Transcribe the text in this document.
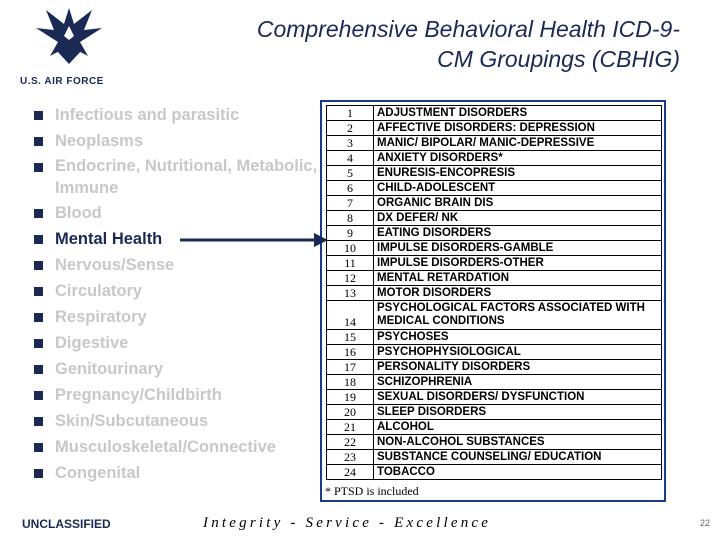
U.S. AIR FORCE
Comprehensive Behavioral Health ICD-9-
CM Groupings (CBHIG)
Infectious and parasitic
Neoplasms
Endocrine, Nutritional, Metabolic,
Immune
Blood
Mental Health
Nervous/Sense
Circulatory
Respiratory
Digestive
Genitourinary
Pregnancy/Childbirth
Skin/Subcutaneous
Musculoskeletal/Connective
Congenital
1	ADJUSTMENT DISORDERS
2	AFFECTIVE DISORDERS: DEPRESSION
3	MANIC/ BIPOLAR/ MANIC-DEPRESSIVE
4	ANXIETY DISORDERS*
5	ENURESIS-ENCOPRESIS
6	CHILD-ADOLESCENT
7	ORGANIC BRAIN DIS
8	DX DEFER/ NK
9	EATING DISORDERS
10	IMPULSE DISORDERS-GAMBLE
11	IMPULSE DISORDERS-OTHER
12	MENTAL RETARDATION
13	MOTOR DISORDERS
14	PSYCHOLOGICAL FACTORS ASSOCIATED WITH MEDICAL CONDITIONS
15	PSYCHOSES
16	PSYCHOPHYSIOLOGICAL
17	PERSONALITY DISORDERS
18	SCHIZOPHRENIA
19	SEXUAL DISORDERS/ DYSFUNCTION
20	SLEEP DISORDERS
21	ALCOHOL
22	NON-ALCOHOL SUBSTANCES
23	SUBSTANCE COUNSELING/ EDUCATION
24	TOBACCO
* PTSD is included
UNCLASSIFIED	Integrity - Service - Excellence	22
